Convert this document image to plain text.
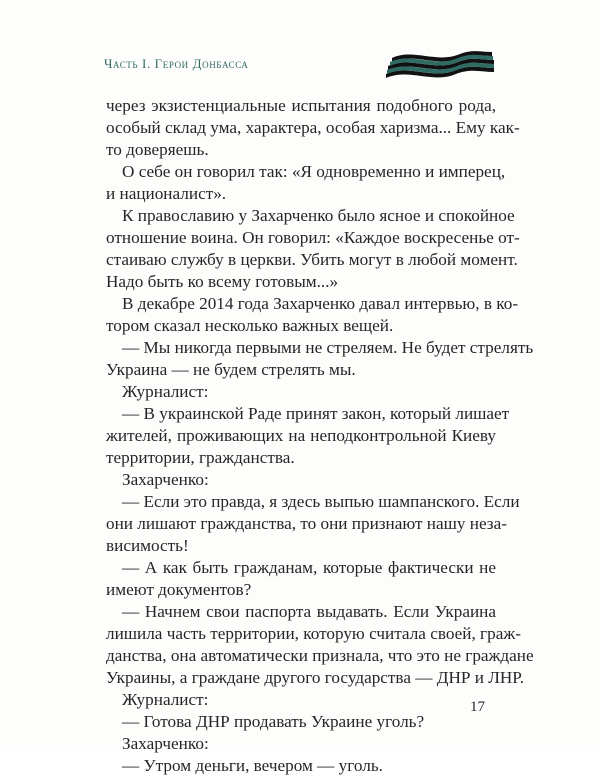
Часть I. Герои Донбасса
через экзистенциальные испытания подобного рода,
особый склад ума, характера, особая харизма... Ему как-
то доверяешь.
О себе он говорил так: «Я одновременно и имперец,
и националист».
К православию у Захарченко было ясное и спокойное
отношение воина. Он говорил: «Каждое воскресенье от-
стаиваю службу в церкви. Убить могут в любой момент.
Надо быть ко всему готовым...»
В декабре 2014 года Захарченко давал интервью, в ко-
тором сказал несколько важных вещей.
— Мы никогда первыми не стреляем. Не будет стрелять
Украина — не будем стрелять мы.
Журналист:
— В украинской Раде принят закон, который лишает
жителей, проживающих на неподконтрольной Киеву
территории, гражданства.
Захарченко:
— Если это правда, я здесь выпью шампанского. Если
они лишают гражданства, то они признают нашу неза-
висимость!
— А как быть гражданам, которые фактически не
имеют документов?
— Начнем свои паспорта выдавать. Если Украина
лишила часть территории, которую считала своей, граж-
данства, она автоматически признала, что это не граждане
Украины, а граждане другого государства — ДНР и ЛНР.
Журналист:
— Готова ДНР продавать Украине уголь?
Захарченко:
— Утром деньги, вечером — уголь.
17
